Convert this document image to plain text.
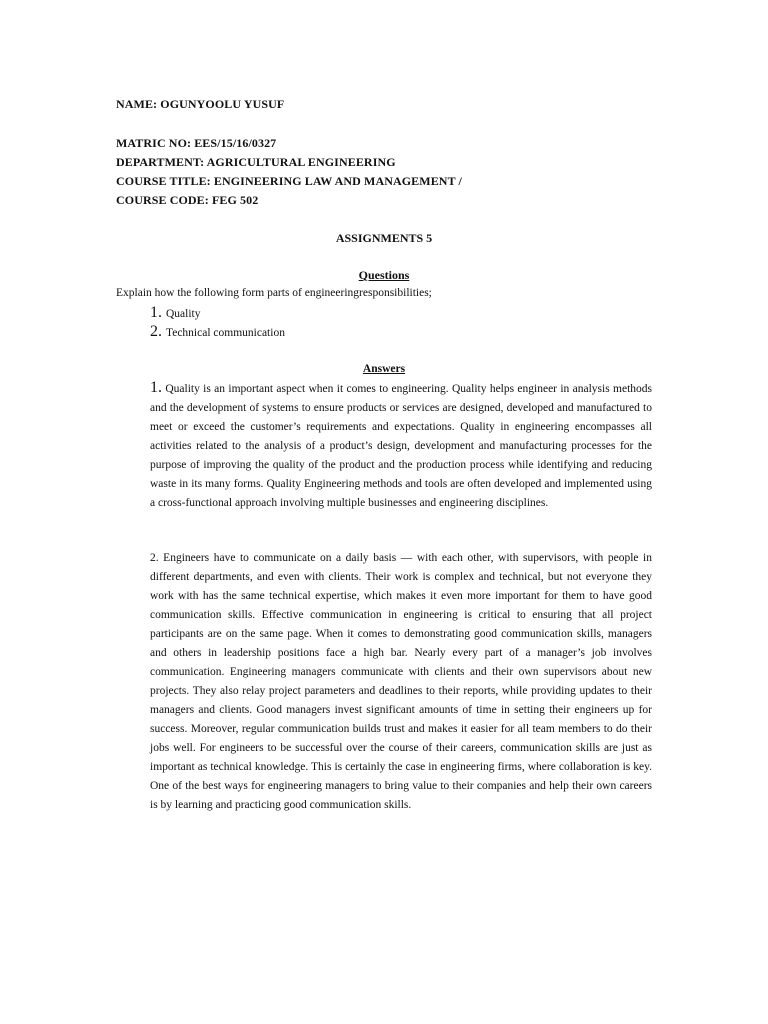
NAME: OGUNYOOLU YUSUF
MATRIC NO: EES/15/16/0327
DEPARTMENT: AGRICULTURAL ENGINEERING
COURSE TITLE: ENGINEERING LAW AND MANAGEMENT /
COURSE CODE: FEG 502
ASSIGNMENTS 5
Questions
Explain how the following form parts of engineeringresponsibilities;
1. Quality
2. Technical communication
Answers
1. Quality is an important aspect when it comes to engineering. Quality helps engineer in analysis methods and the development of systems to ensure products or services are designed, developed and manufactured to meet or exceed the customer’s requirements and expectations. Quality in engineering encompasses all activities related to the analysis of a product’s design, development and manufacturing processes for the purpose of improving the quality of the product and the production process while identifying and reducing waste in its many forms. Quality Engineering methods and tools are often developed and implemented using a cross-functional approach involving multiple businesses and engineering disciplines.
2. Engineers have to communicate on a daily basis — with each other, with supervisors, with people in different departments, and even with clients. Their work is complex and technical, but not everyone they work with has the same technical expertise, which makes it even more important for them to have good communication skills. Effective communication in engineering is critical to ensuring that all project participants are on the same page. When it comes to demonstrating good communication skills, managers and others in leadership positions face a high bar. Nearly every part of a manager’s job involves communication. Engineering managers communicate with clients and their own supervisors about new projects. They also relay project parameters and deadlines to their reports, while providing updates to their managers and clients. Good managers invest significant amounts of time in setting their engineers up for success. Moreover, regular communication builds trust and makes it easier for all team members to do their jobs well. For engineers to be successful over the course of their careers, communication skills are just as important as technical knowledge. This is certainly the case in engineering firms, where collaboration is key. One of the best ways for engineering managers to bring value to their companies and help their own careers is by learning and practicing good communication skills.
